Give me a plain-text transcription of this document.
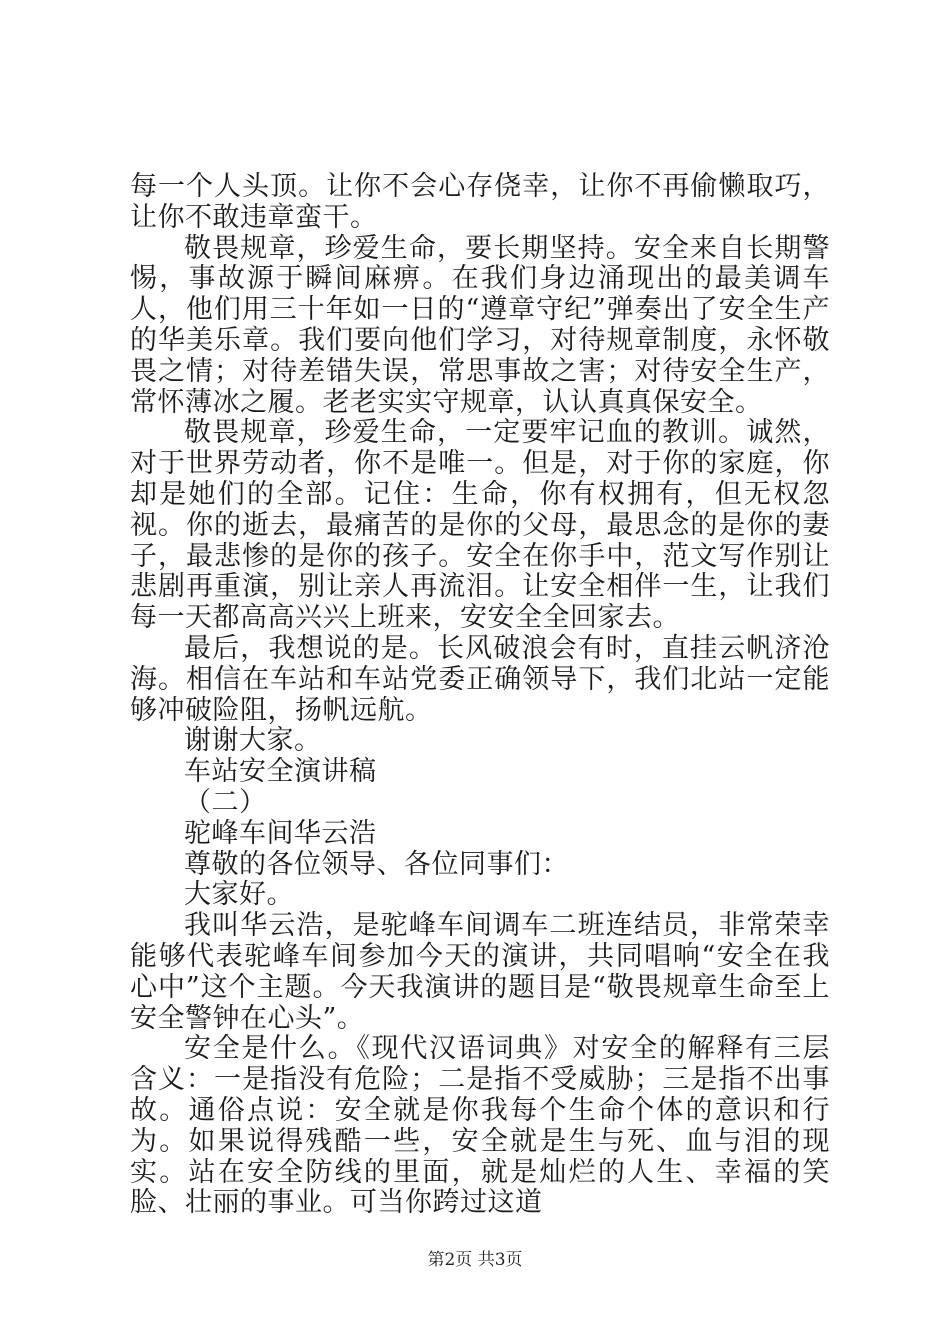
每一个人头顶。让你不会心存侥幸，让你不再偷懒取巧，让你不敢违章蛮干。

敬畏规章，珍爱生命，要长期坚持。安全来自长期警惕，事故源于瞬间麻痹。在我们身边涌现出的最美调车人，他们用三十年如一日的“遵章守纪”弹奏出了安全生产的华美乐章。我们要向他们学习，对待规章制度，永怀敬畏之情；对待差错失误，常思事故之害；对待安全生产，常怀薄冰之履。老老实实守规章，认认真真保安全。

敬畏规章，珍爱生命，一定要牢记血的教训。诚然，对于世界劳动者，你不是唯一。但是，对于你的家庭，你却是她们的全部。记住：生命，你有权拥有，但无权忽视。你的逝去，最痛苦的是你的父母，最思念的是你的妻子，最悲惨的是你的孩子。安全在你手中，范文写作别让悲剧再重演，别让亲人再流泪。让安全相伴一生，让我们每一天都高高兴兴上班来，安安全全回家去。

最后，我想说的是。长风破浪会有时，直挂云帆济沧海。相信在车站和车站党委正确领导下，我们北站一定能够冲破险阻，扬帆远航。

谢谢大家。

车站安全演讲稿

（二）

驼峰车间华云浩

尊敬的各位领导、各位同事们：

大家好。

我叫华云浩，是驼峰车间调车二班连结员，非常荣幸能够代表驼峰车间参加今天的演讲，共同唱响“安全在我心中”这个主题。今天我演讲的题目是“敬畏规章生命至上安全警钟在心头”。

安全是什么。《现代汉语词典》对安全的解释有三层含义：一是指没有危险；二是指不受威胁；三是指不出事故。通俗点说：安全就是你我每个生命个体的意识和行为。如果说得残酷一些，安全就是生与死、血与泪的现实。站在安全防线的里面，就是灿烂的人生、幸福的笑脸、壮丽的事业。可当你跨过这道

第2页 共3页
